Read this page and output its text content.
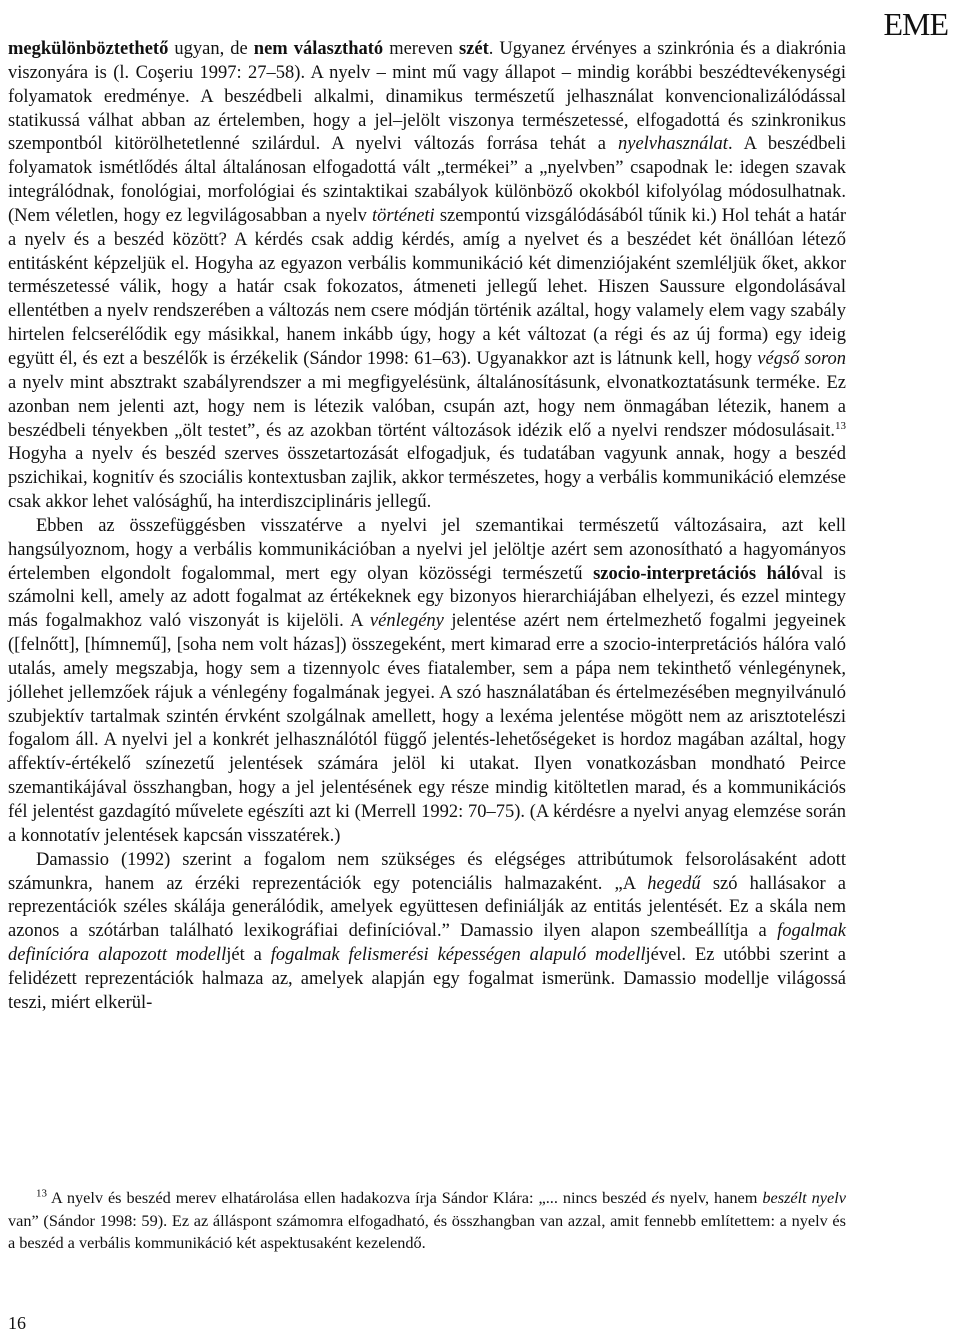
EME

megkülönböztethető ugyan, de nem választható mereven szét. Ugyanez érvényes a szinkrónia és a diakrónia viszonyára is (l. Coşeriu 1997: 27–58). A nyelv – mint mű vagy állapot – mindig korábbi beszédtevékenységi folyamatok eredménye. A beszédbeli alkalmi, dinamikus természetű jelhasználat konvencionalizálódással statikussá válhat abban az értelemben, hogy a jel–jelölt viszonya természetessé, elfogadottá és szinkronikus szempontból kitörölhetetlenné szilárdul. A nyelvi változás forrása tehát a nyelvhasználat. A beszédbeli folyamatok ismétlődés által általánosan elfogadottá vált „termékei” a „nyelvben” csapodnak le: idegen szavak integrálódnak, fonológiai, morfológiai és szintaktikai szabályok különböző okokból kifolyólag módosulhatnak. (Nem véletlen, hogy ez legvilágosabban a nyelv történeti szempontú vizsgálódásából tűnik ki.) Hol tehát a határ a nyelv és a beszéd között? A kérdés csak addig kérdés, amíg a nyelvet és a beszédet két önállóan létező entitásként képzeljük el. Hogyha az egyazon verbális kommunikáció két dimenziójaként szemléljük őket, akkor természetessé válik, hogy a határ csak fokozatos, átmeneti jellegű lehet. Hiszen Saussure elgondolásával ellentétben a nyelv rendszerében a változás nem csere módján történik azáltal, hogy valamely elem vagy szabály hirtelen felcserélődik egy másikkal, hanem inkább úgy, hogy a két változat (a régi és az új forma) egy ideig együtt él, és ezt a beszélők is érzékelik (Sándor 1998: 61–63). Ugyanakkor azt is látnunk kell, hogy végső soron a nyelv mint absztrakt szabályrendszer a mi megfigyelésünk, általánosításunk, elvonatkoztatásunk terméke. Ez azonban nem jelenti azt, hogy nem is létezik valóban, csupán azt, hogy nem önmagában létezik, hanem a beszédbeli tényekben „ölt testet”, és az azokban történt változások idézik elő a nyelvi rendszer módosulásait.$^{13}$ Hogyha a nyelv és beszéd szerves összetartozását elfogadjuk, és tudatában vagyunk annak, hogy a beszéd pszichikai, kognitív és szociális kontextusban zajlik, akkor természetes, hogy a verbális kommunikáció elemzése csak akkor lehet valósághű, ha interdiszciplináris jellegű.

Ebben az összefüggésben visszatérve a nyelvi jel szemantikai természetű változásaira, azt kell hangsúlyoznom, hogy a verbális kommunikációban a nyelvi jel jelöltje azért sem azonosítható a hagyományos értelemben elgondolt fogalommal, mert egy olyan közösségi természetű szocio-interpretációs hálóval is számolni kell, amely az adott fogalmat az értékeknek egy bizonyos hierarchiájában elhelyezi, és ezzel mintegy más fogalmakhoz való viszonyát is kijelöli. A vénlegény jelentése azért nem értelmezhető fogalmi jegyeinek ([felnőtt], [hímnemű], [soha nem volt házas]) összegeként, mert kimarad erre a szocio-interpretációs hálóra való utalás, amely megszabja, hogy sem a tizennyolc éves fiatalember, sem a pápa nem tekinthető vénlegénynek, jóllehet jellemzőek rájuk a vénlegény fogalmának jegyei. A szó használatában és értelmezésében megnyilvánuló szubjektív tartalmak szintén érvként szolgálnak amellett, hogy a lexéma jelentése mögött nem az arisztotelészi fogalom áll. A nyelvi jel a konkrét jelhasználótól függő jelentés-lehetőségeket is hordoz magában azáltal, hogy affektív-értékelő színezetű jelentések számára jelöl ki utakat. Ilyen vonatkozásban mondható Peirce szemantikájával összhangban, hogy a jel jelentésének egy része mindig kitöltetlen marad, és a kommunikációs fél jelentést gazdagító művelete egészíti azt ki (Merrell 1992: 70–75). (A kérdésre a nyelvi anyag elemzése során a konnotatív jelentések kapcsán visszatérek.)

Damassio (1992) szerint a fogalom nem szükséges és elégséges attribútumok felsorolásaként adott számunkra, hanem az érzéki reprezentációk egy potenciális halmazaként. „A hegedű szó hallásakor a reprezentációk széles skálája generálódik, amelyek együttesen definiálják az entitás jelentését. Ez a skála nem azonos a szótárban található lexikográfiai definícióval.” Damassio ilyen alapon szembeállítja a fogalmak definícióra alapozott modelljét a fogalmak felismerési képességen alapuló modelljével. Ez utóbbi szerint a felidézett reprezentációk halmaza az, amelyek alapján egy fogalmat ismerünk. Damassio modellje világossá teszi, miért elkerül-

$^{13}$ A nyelv és beszéd merev elhatárolása ellen hadakozva írja Sándor Klára: „... nincs beszéd és nyelv, hanem beszélt nyelv van” (Sándor 1998: 59). Ez az álláspont számomra elfogadható, és összhangban van azzal, amit fennebb említettem: a nyelv és a beszéd a verbális kommunikáció két aspektusaként kezelendő.

16
